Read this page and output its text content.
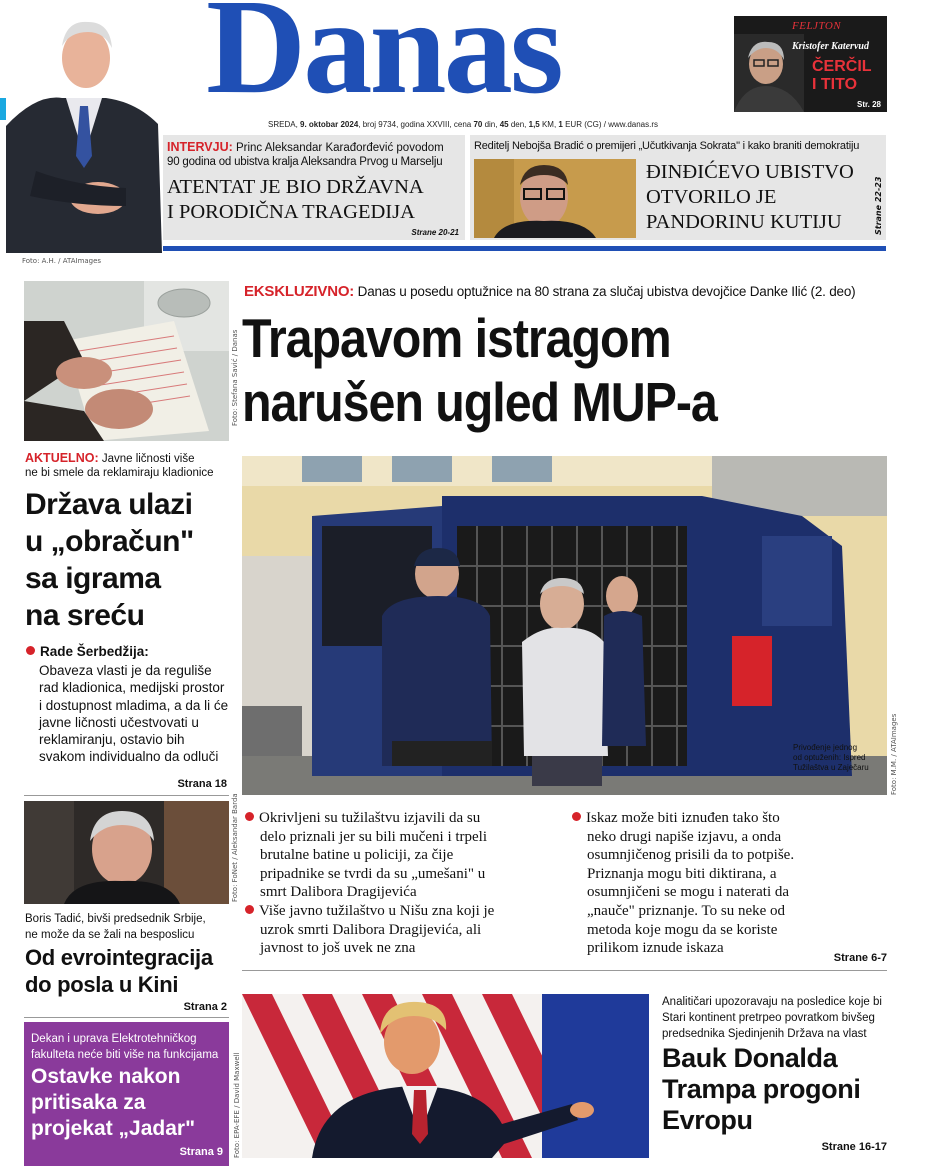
Foto: A.H. / ATAImages
Danas
SREDA, 9. oktobar 2024, broj 9734, godina XXVIII, cena 70 din, 45 den, 1,5 KM, 1 EUR (CG) / www.danas.rs
FELJTON
Kristofer Katervud
ČERČIL
I TITO
Str. 28
INTERVJU: Princ Aleksandar Karađorđević povodom
90 godina od ubistva kralja Aleksandra Prvog u Marselju
ATENTAT JE BIO DRŽAVNA
I PORODIČNA TRAGEDIJA
Strane 20-21
Reditelj Nebojša Bradić o premijeri „Učutkivanja Sokrata" i kako braniti demokratiju
ĐINĐIĆEVO UBISTVO
OTVORILO JE
PANDORINU KUTIJU	Strane 22-23
Foto: Stefana Savić / Danas
AKTUELNO: Javne ličnosti više
ne bi smele da reklamiraju kladionice
Država ulazi
u „obračun"
sa igrama
na sreću
Rade Šerbedžija:
Obaveza vlasti je da reguliše
rad kladionica, medijski prostor
i dostupnost mladima, a da li će
javne ličnosti učestvovati u
reklamiranju, ostavio bih
svakom individualno da odluči
Strana 18
Foto: FoNet / Aleksandar Barda
Boris Tadić, bivši predsednik Srbije,
ne može da se žali na besposlicu
Od evrointegracija
do posla u Kini
Strana 2
Dekan i uprava Elektrotehničkog
fakulteta neće biti više na funkcijama
Ostavke nakon
pritisaka za
projekat „Jadar"
Strana 9
EKSKLUZIVNO: Danas u posedu optužnice na 80 strana za slučaj ubistva devojčice Danke Ilić (2. deo)
Trapavom istragom
narušen ugled MUP-a
Privođenje jednog
od optuženih: Ispred
Tužilaštva u Zaječaru	Foto: M.M. / ATAImages
Okrivljeni su tužilaštvu izjavili da su
delo priznali jer su bili mučeni i trpeli
brutalne batine u policiji, za čije
pripadnike se tvrdi da su „umešani" u
smrt Dalibora Dragijevića
Više javno tužilaštvo u Nišu zna koji je
uzrok smrti Dalibora Dragijevića, ali
javnost to još uvek ne zna
Iskaz može biti iznuđen tako što
neko drugi napiše izjavu, a onda
osumnjičenog prisili da to potpiše.
Priznanja mogu biti diktirana, a
osumnjičeni se mogu i naterati da
„nauče" priznanje. To su neke od
metoda koje mogu da se koriste
prilikom iznude iskaza
Strane 6-7
Foto: EPA-EFE / David Maxwell
Analitičari upozoravaju na posledice koje bi
Stari kontinent pretrpeo povratkom bivšeg
predsednika Sjedinjenih Država na vlast
Bauk Donalda
Trampa progoni
Evropu
Strane 16-17
